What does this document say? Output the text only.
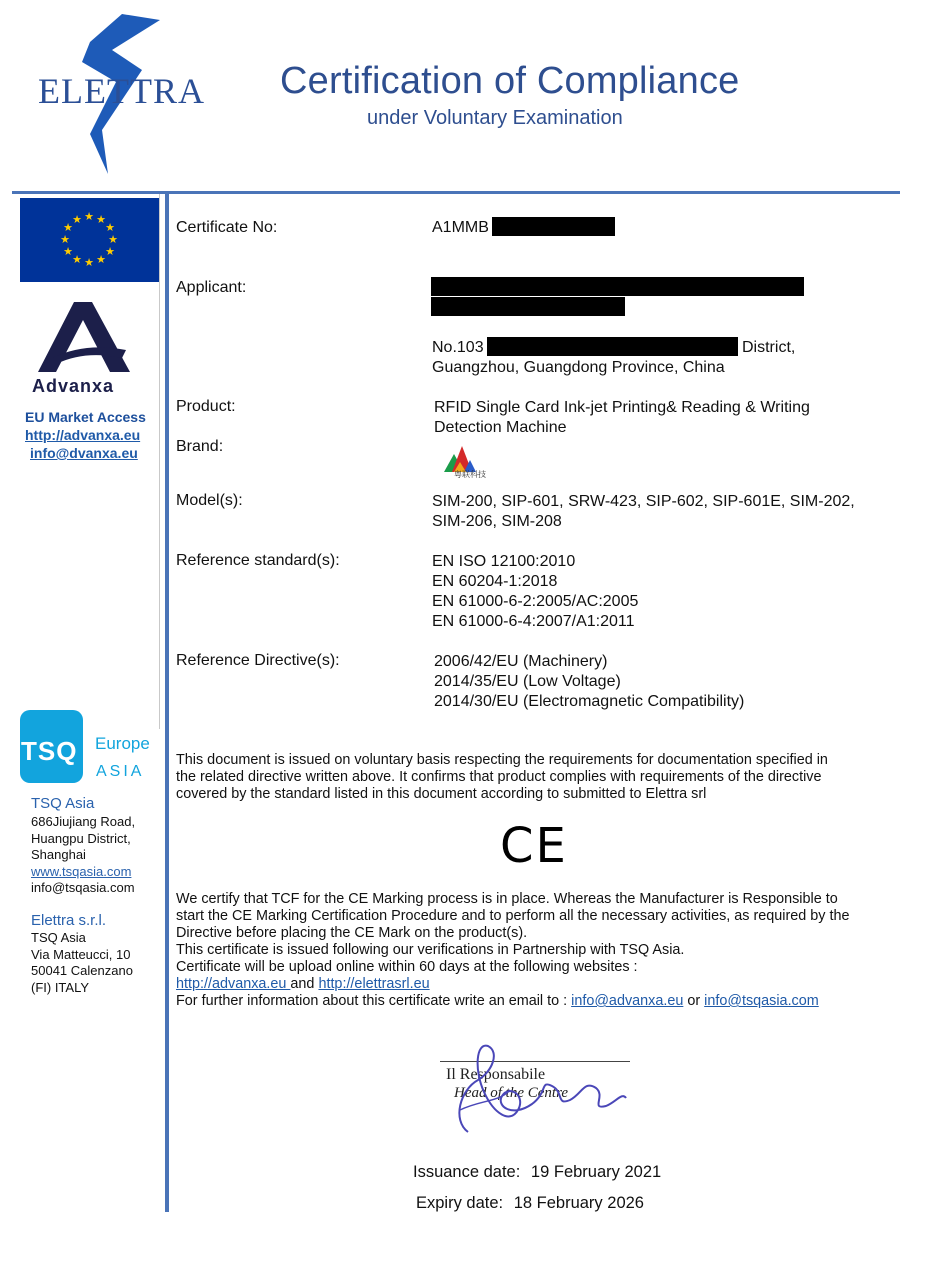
ELETTRA Certification of Compliance
under Voluntary Examination
★ ★
★
★
★
★
★
★
★
★
★
★
Advanxa
EU Market Access
http://advanxa.eu
info@dvanxa.eu
TSQ Europe
ASIA
TSQ Asia
686Jiujiang Road,
Huangpu District,
Shanghai
www.tsqasia.com
info@tsqasia.com
Elettra s.r.l.
TSQ Asia
Via Matteucci, 10
50041 Calenzano
(FI) ITALY
Certificate No:	A1MMB
Applicant:
No.103	District,
Guangzhou, Guangdong Province, China
Product:	RFID Single Card Ink-jet Printing& Reading & Writing
Detection Machine
Brand:
粤联科技
Model(s):	SIM-200, SIP-601, SRW-423, SIP-602, SIP-601E, SIM-202,
SIM-206, SIM-208
Reference standard(s):	EN ISO 12100:2010
EN 60204-1:2018
EN 61000-6-2:2005/AC:2005
EN 61000-6-4:2007/A1:2011
Reference Directive(s):	2006/42/EU (Machinery)
2014/35/EU (Low Voltage)
2014/30/EU (Electromagnetic Compatibility)

This document is issued on voluntary basis respecting the requirements for documentation specified in

the related directive written above. It confirms that product complies with requirements of the directive

covered by the standard listed in this document according to submitted to Elettra srl

CE

We certify that TCF for the CE Marking process is in place. Whereas the Manufacturer is Responsible to

start the CE Marking Certification Procedure and to perform all the necessary activities, as required by the

Directive before placing the CE Mark on the product(s).

This certificate is issued following our verifications in Partnership with TSQ Asia.

Certificate will be upload online within 60 days at the following websites :

http://advanxa.eu and http://elettrasrl.eu

For further information about this certificate write an email to : info@advanxa.eu or info@tsqasia.com

Il Responsabile
Head of the Centre
Issuance date: 19 February 2021
Expiry date: 18 February 2026
